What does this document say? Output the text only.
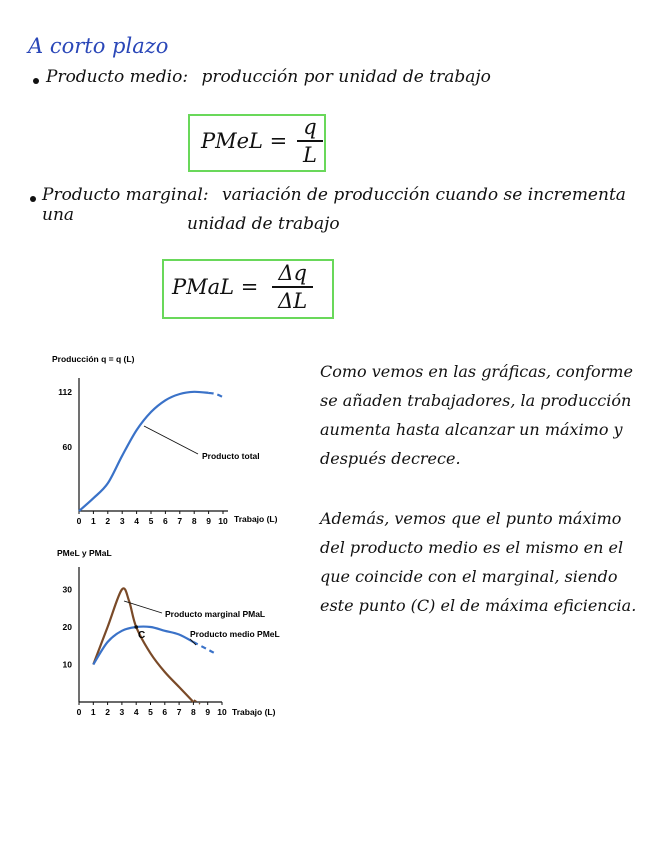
A corto plazo
Producto medio: producción por unidad de trabajo
PMeL = $\frac{q}{L}$
Producto marginal: variación de producción cuando se incrementa una	unidad de trabajo
PMaL = $\frac{\Delta q}{\Delta L}$
Producción q = q (L)
0 1 2 3 4 5 6 7 8 9 10
60
112
Trabajo (L)
Producto total
PMeL y PMaL
0 1 2 3 4 5 6 7 8 9 10
10
20
30
Trabajo (L)
Producto marginal PMaL
Producto medio PMeL
C
Como vemos en las gráficas, conforme se añaden trabajadores, la producción aumenta hasta alcanzar un máximo y después decrece.
Además, vemos que el punto máximo del producto medio es el mismo en el que coincide con el marginal, siendo este punto (C) el de máxima eficiencia.
